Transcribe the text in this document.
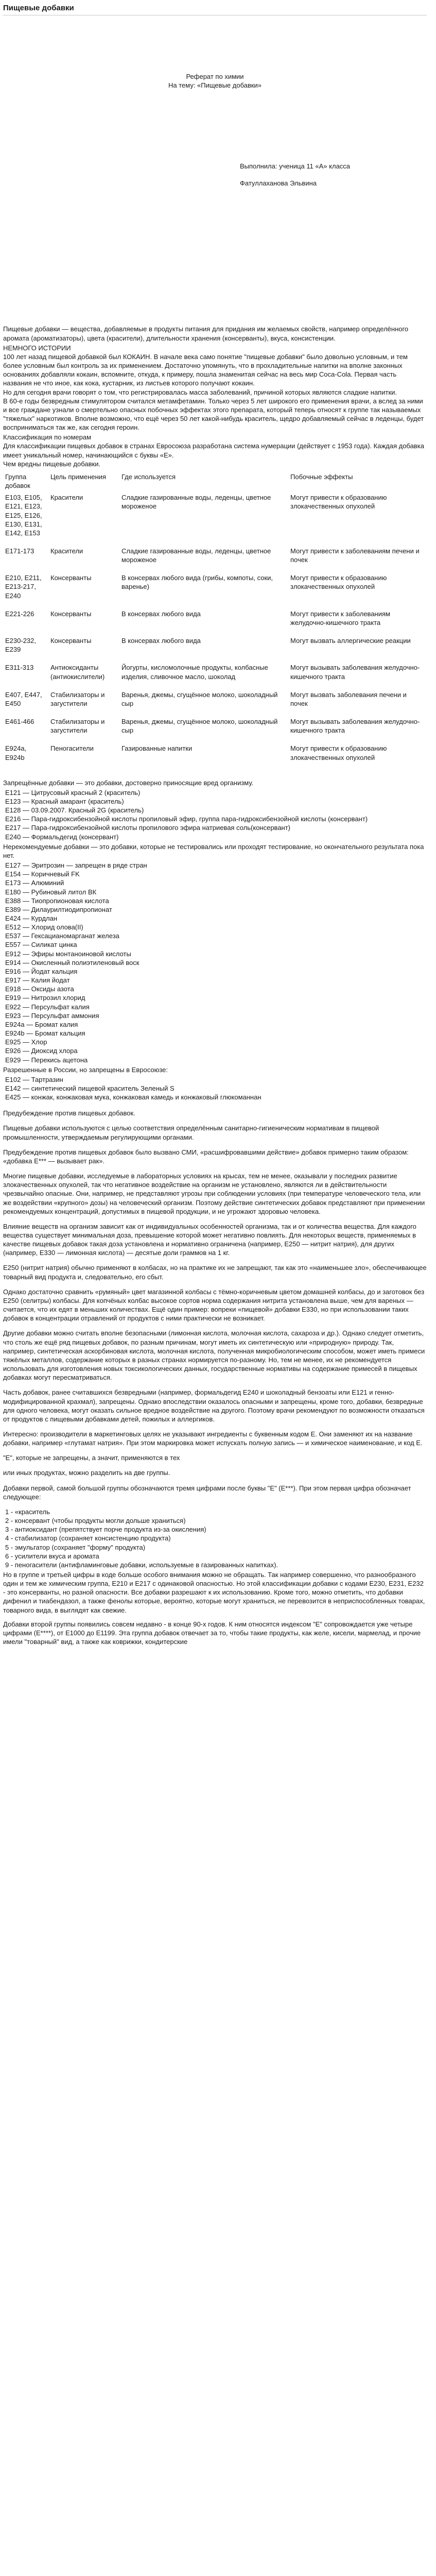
Пищевые добавки

Реферат по химии

На тему: «Пищевые добавки»

Выполнила: ученица 11 «А» класса

Фатуллаханова Эльвина

Пищевые добавки — вещества, добавляемые в продукты питания для придания им желаемых свойств, например определённого аромата (ароматизаторы), цвета (красители), длительности хранения (консерванты), вкуса, консистенции.

НЕМНОГО ИСТОРИИ

100 лет назад пищевой добавкой был КОКАИН. В начале века само понятие "пищевые добавки" было довольно условным, и тем более условным был контроль за их применением. Достаточно упомянуть, что в прохладительные напитки на вполне законных основаниях добавляли кокаин, вспомните, откуда, к примеру, пошла знаменитая сейчас на весь мир Coca-Cola. Первая часть названия не что иное, как кока, кустарник, из листьев которого получают кокаин.

Но для сегодня врачи говорят о том, что регистрировалась масса заболеваний, причиной которых являются сладкие напитки.

В 60-е годы безвредным стимулятором считался метамфетамин. Только через 5 лет широкого его применения врачи, а вслед за ними и все граждане узнали о смертельно опасных побочных эффектах этого препарата, который теперь относят к группе так называемых "тяжелых" наркотиков. Вполне возможно, что ещё через 50 лет какой-нибудь краситель, щедро добавляемый сейчас в леденцы, будет восприниматься так же, как сегодня героин.

Классификация по номерам

Для классификации пищевых добавок в странах Евросоюза разработана система нумерации (действует с 1953 года). Каждая добавка имеет уникальный номер, начинающийся с буквы «Е».

Чем вредны пищевые добавки.

Группа добавок	Цель применения	Где используется	Побочные эффекты
E103, E105, E121, E123, E125, E126, E130, E131, E142, E153	Красители	Сладкие газированные воды, леденцы, цветное мороженое	Могут привести к образованию злокачественных опухолей
E171-173	Красители	Сладкие газированные воды, леденцы, цветное мороженое	Могут привести к заболеваниям печени и почек
E210, E211, E213-217, E240	Консерванты	В консервах любого вида (грибы, компоты, соки, варенье)	Могут привести к образованию злокачественных опухолей
E221-226	Консерванты	В консервах любого вида	Могут привести к заболеваниям желудочно-кишечного тракта
E230-232, E239	Консерванты	В консервах любого вида	Могут вызвать аллергические реакции
E311-313	Антиоксиданты (антиокислители)	Йогурты, кисломолочные продукты, колбасные изделия, сливочное масло, шоколад	Могут вызывать заболевания желудочно-кишечного тракта
E407, E447, E450	Стабилизаторы и загустители	Варенья, джемы, сгущённое молоко, шоколадный сыр	Могут вызвать заболевания печени и почек
E461-466	Стабилизаторы и загустители	Варенья, джемы, сгущённое молоко, шоколадный сыр	Могут вызывать заболевания желудочно-кишечного тракта
E924a, E924b	Пеногасители	Газированные напитки	Могут привести к образованию злокачественных опухолей

Запрещённые добавки — это добавки, достоверно приносящие вред организму.

E121 — Цитрусовый красный 2 (краситель)
E123 — Красный амарант (краситель)
E128 — 03.09.2007. Красный 2G (краситель)
E216 — Пара-гидроксибензойной кислоты пропиловый эфир, группа пара-гидроксибензойной кислоты (консервант)
E217 — Пара-гидроксибензойной кислоты пропилового эфира натриевая соль(консервант)
E240 — Формальдегид (консервант)

Нерекомендуемые добавки — это добавки, которые не тестировались или проходят тестирование, но окончательного результата пока нет.

E127 — Эритрозин — запрещен в ряде стран
E154 — Коричневый FK
E173 — Алюминий
E180 — Рубиновый литол ВК
E388 — Тиопропионовая кислота
E389 — Дилаурилтиодипропионат
E424 — Курдлан
E512 — Хлорид олова(II)
E537 — Гексацианомарганат железа
E557 — Силикат цинка
E912 — Эфиры монтаноиновой кислоты
E914 — Окисленный полиэтиленовый воск
E916 — Йодат кальция
E917 — Калия йодат
E918 — Оксиды азота
E919 — Нитрозил хлорид
E922 — Персульфат калия
E923 — Персульфат аммония
E924a — Бромат калия
E924b — Бромат кальция
E925 — Хлор
E926 — Диоксид хлора
E929 — Перекись ацетона

Разрешенные в России, но запрещены в Евросоюзе:

E102 — Тартразин
E142 — синтетический пищевой краситель Зеленый S
E425 — конжак, конжаковая мука, конжаковая камедь и конжаковый глюкоманнан

Предубеждение против пищевых добавок.

Пищевые добавки используются с целью соответствия определённым санитарно-гигиеническим нормативам в пищевой промышленности, утверждаемым регулирующими органами.

Предубеждение против пищевых добавок было вызвано СМИ, «расшифровавшими действие» добавок примерно таким образом: «добавка Е*** — вызывает рак».

Многие пищевые добавки, исследуемые в лабораторных условиях на крысах, тем не менее, оказывали у последних развитие злокачественных опухолей, так что негативное воздействие на организм не установлено, являются ли в действительности чрезвычайно опасные. Они, например, не представляют угрозы при соблюдении условиях (при температуре человеческого тела, или же воздействии «крупного» дозы) на человеческий организм. Поэтому действие синтетических добавок представляют при применении рекомендуемых концентраций, допустимых в пищевой продукции, и не угрожают здоровью человека.

Влияние веществ на организм зависит как от индивидуальных особенностей организма, так и от количества вещества. Для каждого вещества существует минимальная доза, превышение которой может негативно повлиять. Для некоторых веществ, применяемых в качестве пищевых добавок такая доза установлена и нормативно ограничена (например, E250 — нитрит натрия), для других (например, E330 — лимонная кислота) — десятые доли граммов на 1 кг.

E250 (нитрит натрия) обычно применяют в колбасах, но на практике их не запрещают, так как это «наименьшее зло», обеспечивающее товарный вид продукта и, следовательно, его сбыт.

Однако достаточно сравнить «румяный» цвет магазинной колбасы с тёмно-коричневым цветом домашней колбасы, до и заготовок без E250 (селитры) колбасы. Для копчёных колбас высокое сортов норма содержания нитрита установлена выше, чем для вареных — считается, что их едят в меньших количествах. Ещё один пример: вопреки «пищевой» добавки E330, но при использовании таких добавок в концентрации отравлений от продуктов с ними практически не возникает.

Другие добавки можно считать вполне безопасными (лимонная кислота, молочная кислота, сахароза и др.). Однако следует отметить, что столь же ещё ряд пищевых добавок, по разным причинам, могут иметь их синтетическую или «природную» природу. Так, например, синтетическая аскорбиновая кислота, молочная кислота, полученная микробиологическим способом, может иметь примеси тяжёлых металлов, содержание которых в разных странах нормируется по-разному. Но, тем не менее, их не рекомендуется использовать для изготовления новых токсикологических данных, государственные нормативы на содержание примесей в пищевых добавках могут пересматриваться.

Часть добавок, ранее считавшихся безвредными (например, формальдегид E240 и шоколадный бензоаты или E121 и генно-модифицированной крахмал), запрещены. Однако впоследствии оказалось опасными и запрещены, кроме того, добавки, безвредные для одного человека, могут оказать сильное вредное воздействие на другого. Поэтому врачи рекомендуют по возможности отказаться от продуктов с пищевыми добавками детей, пожилых и аллергиков.

Интересно: производители в маркетинговых целях не указывают ингредиенты с буквенным кодом Е. Они заменяют их на название добавки, например «глутамат натрия». При этом маркировка может испускать полную запись — и химическое наименование, и код Е.

"Е", которые не запрещены, а значит, применяются в тех

или иных продуктах, можно разделить на две группы.

Добавки первой, самой большой группы обозначаются тремя цифрами после буквы "Е" (Е***). При этом первая цифра обозначает следующее:

1 - «краситель
2 - консервант (чтобы продукты могли дольше храниться)
3 - антиоксидант (препятствует порче продукта из-за окисления)
4 - стабилизатор (сохраняет консистенцию продукта)
5 - эмульгатор (сохраняет "форму" продукта)
6 - усилители вкуса и аромата
9 - пеногасители (антифламинговые добавки, используемые в газированных напитках).

Но в группе и третьей цифры в коде больше особого внимания можно не обращать. Так например совершенно, что разнообразного один и тем же химическим группа, Е210 и E217 с одинаковой опасностью. Но этой классификации добавки с кодами E230, E231, E232 - это консерванты, но разной опасности. Все добавки разрешают к их использованию. Кроме того, можно отметить, что добавки дифенил и тиабендазол, а также фенолы которые, вероятно, которые могут храниться, не перевозится в неприспособленных товарах, товарного вида, в выглядят как свежие.

Добавки второй группы появились совсем недавно - в конце 90-х годов. К ним относятся индексом "Е" сопровождается уже четыре цифрами (Е****), от Е1000 до Е1199. Эта группа добавок отвечает за то, чтобы такие продукты, как желе, кисели, мармелад, и прочие имели "товарный" вид, а также как коврижки, кондитерские
